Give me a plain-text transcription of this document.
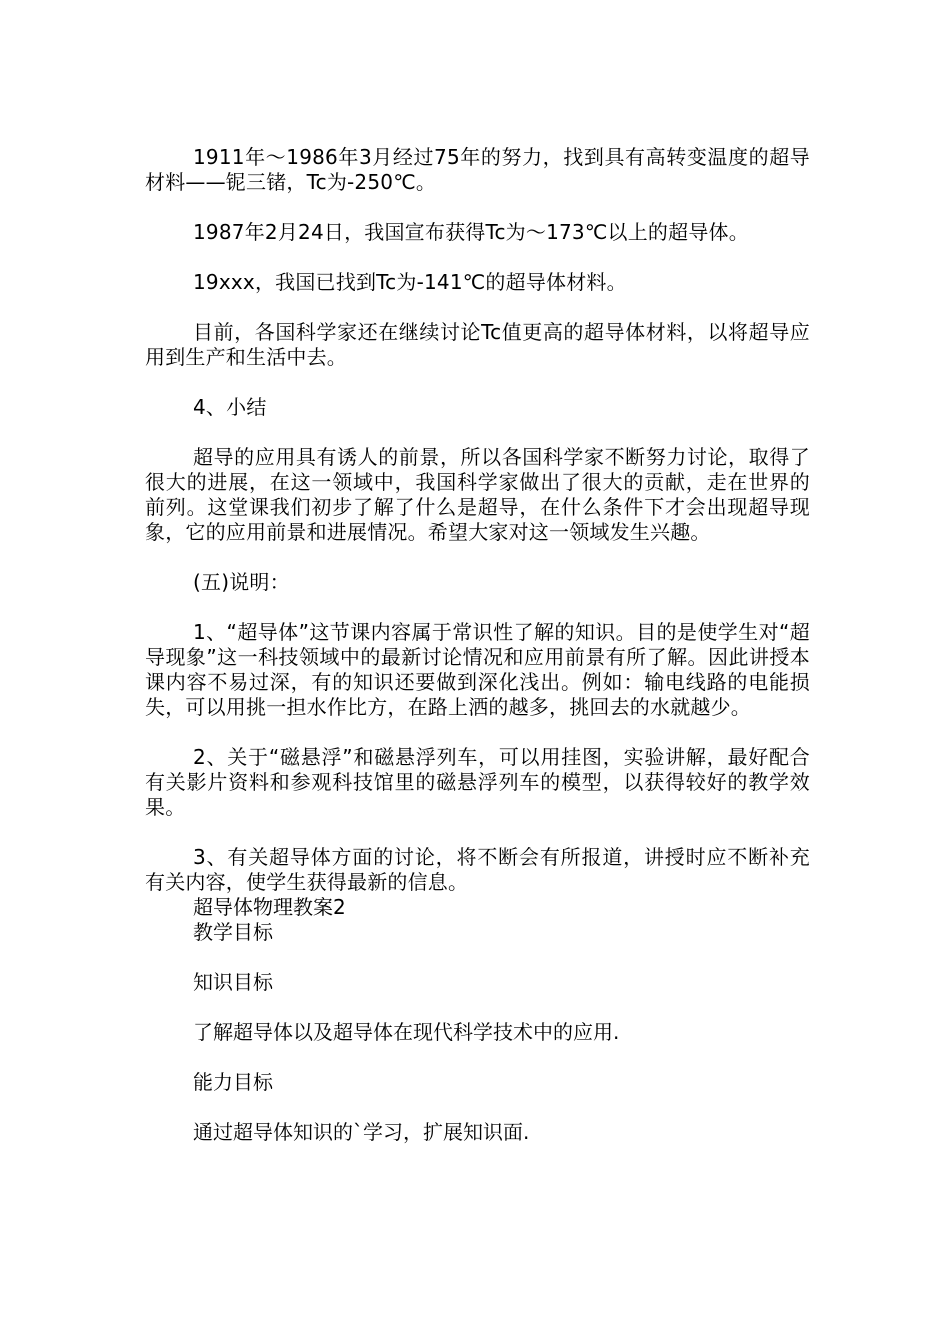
1911年～1986年3月经过75年的努力，找到具有高转变温度的超导材料——铌三锗，Tc为-250℃。

1987年2月24日，我国宣布获得Tc为～173℃以上的超导体。

19xxx，我国已找到Tc为-141℃的超导体材料。

目前，各国科学家还在继续讨论Tc值更高的超导体材料，以将超导应用到生产和生活中去。

4、小结

超导的应用具有诱人的前景，所以各国科学家不断努力讨论，取得了很大的进展，在这一领域中，我国科学家做出了很大的贡献，走在世界的前列。这堂课我们初步了解了什么是超导，在什么条件下才会出现超导现象，它的应用前景和进展情况。希望大家对这一领域发生兴趣。

(五)说明：

1、“超导体”这节课内容属于常识性了解的知识。目的是使学生对“超导现象”这一科技领域中的最新讨论情况和应用前景有所了解。因此讲授本课内容不易过深，有的知识还要做到深化浅出。例如：输电线路的电能损失，可以用挑一担水作比方，在路上洒的越多，挑回去的水就越少。

2、关于“磁悬浮”和磁悬浮列车，可以用挂图，实验讲解，最好配合有关影片资料和参观科技馆里的磁悬浮列车的模型，以获得较好的教学效果。

3、有关超导体方面的讨论，将不断会有所报道，讲授时应不断补充有关内容，使学生获得最新的信息。

超导体物理教案2

教学目标

知识目标

了解超导体以及超导体在现代科学技术中的应用.

能力目标

通过超导体知识的`学习，扩展知识面.
